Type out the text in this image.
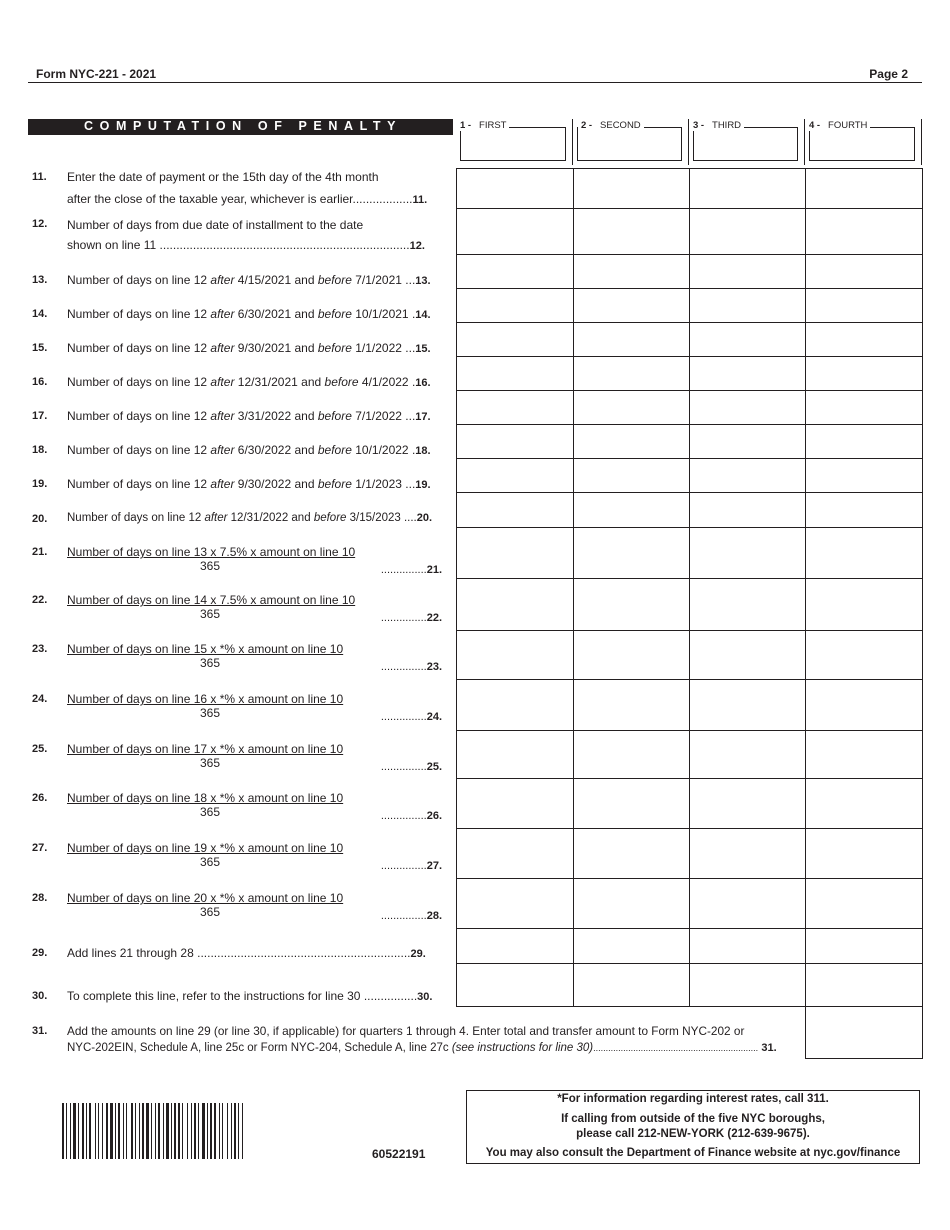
Form NYC-221 - 2021	Page 2
COMPUTATION OF PENALTY	1 - FIRST	2 - SECOND	3 - THIRD	4 - FOURTH
11. Enter the date of payment or the 15th day of the 4th month
after the close of the taxable year, whichever is earlier..................11.
12. Number of days from due date of installment to the date
shown on line 11 ...........................................................................12.
13. Number of days on line 12 after 4/15/2021 and before 7/1/2021 ...13.
14. Number of days on line 12 after 6/30/2021 and before 10/1/2021 .14.
15. Number of days on line 12 after 9/30/2021 and before 1/1/2022 ...15.
16. Number of days on line 12 after 12/31/2021 and before 4/1/2022 .16.
17. Number of days on line 12 after 3/31/2022 and before 7/1/2022 ...17.
18. Number of days on line 12 after 6/30/2022 and before 10/1/2022 .18.
19. Number of days on line 12 after 9/30/2022 and before 1/1/2023 ...19.
20. Number of days on line 12 after 12/31/2022 and before 3/15/2023 ....20.
21. Number of days on line 13 x 7.5% x amount on line 10
365	...............21.
22. Number of days on line 14 x 7.5% x amount on line 10
365	...............22.
23. Number of days on line 15 x *% x amount on line 10
365	...............23.
24. Number of days on line 16 x *% x amount on line 10
365	...............24.
25. Number of days on line 17 x *% x amount on line 10
365	...............25.
26. Number of days on line 18 x *% x amount on line 10
365	...............26.
27. Number of days on line 19 x *% x amount on line 10
365	...............27.
28. Number of days on line 20 x *% x amount on line 10
365	...............28.
29. Add lines 21 through 28 ................................................................29.
30. To complete this line, refer to the instructions for line 30 ................30.
31. Add the amounts on line 29 (or line 30, if applicable) for quarters 1 through 4. Enter total and transfer amount to Form NYC-202 or
NYC-202EIN, Schedule A, line 25c or Form NYC-204, Schedule A, line 27c (see instructions for line 30).................................................................. 31.
60522191
*For information regarding interest rates, call 311.
If calling from outside of the five NYC boroughs,
please call 212-NEW-YORK (212-639-9675).
You may also consult the Department of Finance website at nyc.gov/finance
